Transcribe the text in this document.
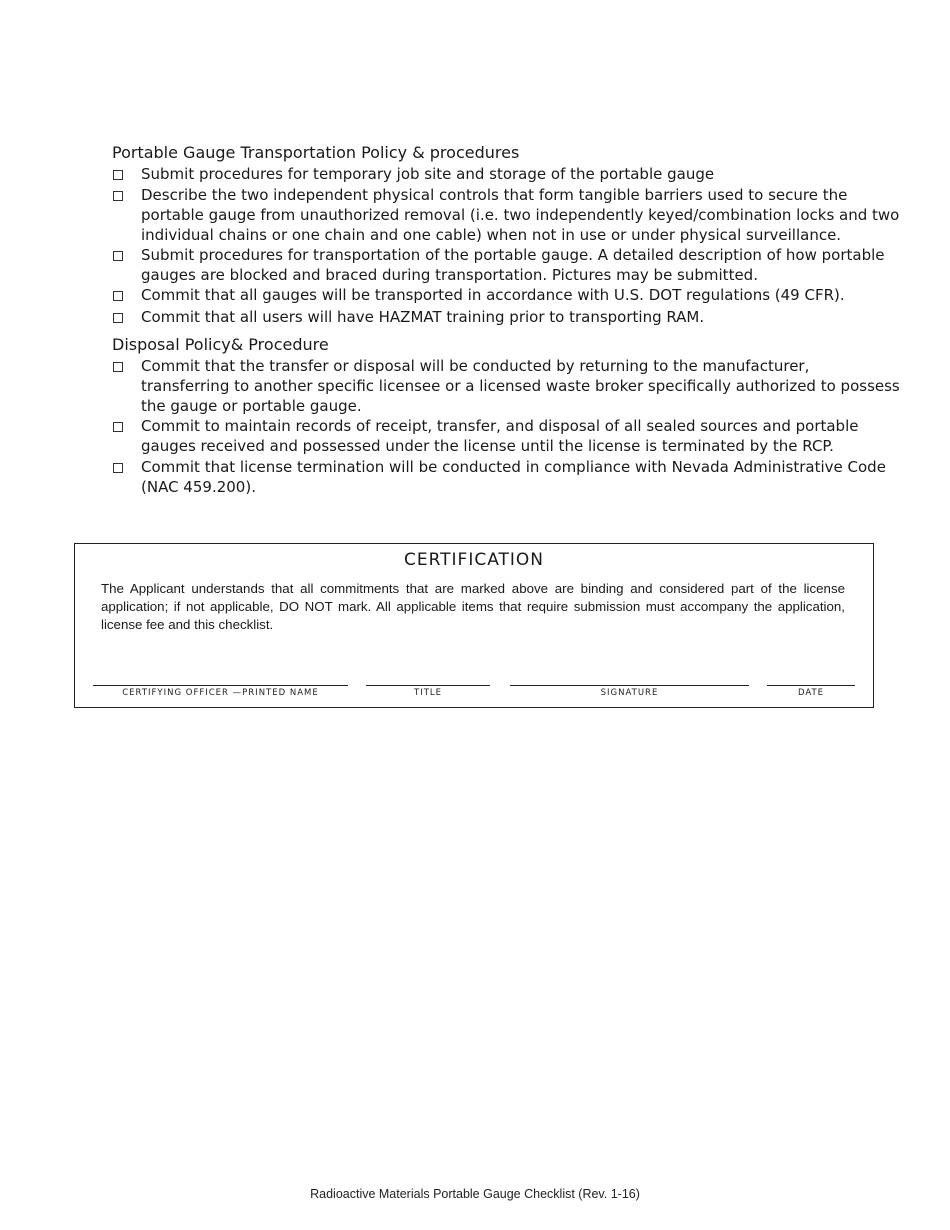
Portable Gauge Transportation Policy & procedures
Submit procedures for temporary job site and storage of the portable gauge
Describe the two independent physical controls that form tangible barriers used to secure the portable gauge from unauthorized removal (i.e. two independently keyed/combination locks and two individual chains or one chain and one cable) when not in use or under physical surveillance.
Submit procedures for transportation of the portable gauge. A detailed description of how portable gauges are blocked and braced during transportation. Pictures may be submitted.
Commit that all gauges will be transported in accordance with U.S. DOT regulations (49 CFR).
Commit that all users will have HAZMAT training prior to transporting RAM.
Disposal Policy& Procedure
Commit that the transfer or disposal will be conducted by returning to the manufacturer, transferring to another specific licensee or a licensed waste broker specifically authorized to possess the gauge or portable gauge.
Commit to maintain records of receipt, transfer, and disposal of all sealed sources and portable gauges received and possessed under the license until the license is terminated by the RCP.
Commit that license termination will be conducted in compliance with Nevada Administrative Code (NAC 459.200).
CERTIFICATION

The Applicant understands that all commitments that are marked above are binding and considered part of the license application; if not applicable, DO NOT mark. All applicable items that require submission must accompany the application, license fee and this checklist.

CERTIFYING OFFICER —PRINTED NAME	TITLE	SIGNATURE	DATE
Radioactive Materials Portable Gauge Checklist (Rev. 1-16)
